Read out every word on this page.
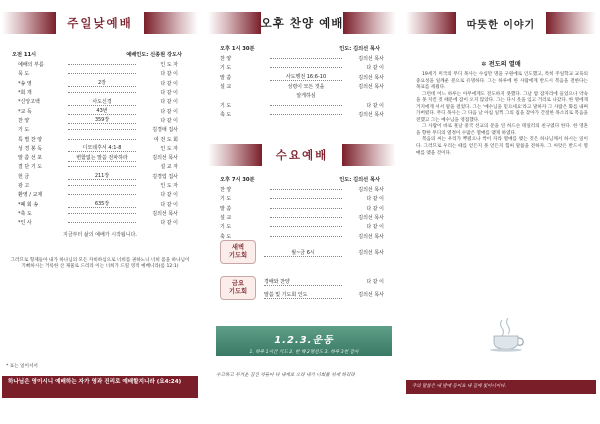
주일낮예배
오전 11시	예배인도: 신종원 강도사
예배의 부름	인 도 자
묵 도	다 같 이
*송 영	2장	다 같 이
*회 개	다 같 이
*신앙고백	사도신경	다 같 이
*교 독	43번	다 같 이
찬 양	359장	다 같 이
기 도	김경애 집사
특 별 찬 양	여 전 도 회
성 경 봉 독	디모데후서 4:1-8	인 도 자
말 씀 선 포	변함없는 말씀 전파하라	김의선 목사
결 단 기 도	설 교 자
헌 금	211장	김경업 집사
광 고	인 도 자
환영 / 교제	다 같 이
*폐 회 송	635장	다 같 이
*축 도	김의선 목사
*인 사	다 같 이
지금부터 삶의 예배가 시작됩니다.
그러므로 형제들아 내가 하나님의 모든 자비하심으로 너희를 권하노니 너희 몸을 하나님이 기뻐하시는 거룩한 산 제물로 드리라 이는 너희가 드릴 영적 예배니라(롬 12:1)
* 표는 일어서서
하나님은 영이시니 예배하는 자가 영과 진리로 예배할지니라 (요4:24)
오후 찬양 예배
오후 1시 30분	인도: 김의선 목사
찬 양	김의선 목사
기 도	다 같 이
말 씀	사도행전 16:6-10	김의선 목사
설 교	성령이 모든 것을	김의선 목사
알게하심
기 도	다 같 이
축 도	김의선 목사
수요예배
오후 7시 30분	인도: 김의선 목사
찬 양	김의선 목사
기 도	다 같 이
말 씀	다 같 이
설 교	김의선 목사
기 도	다 같 이
축 도	김의선 목사
새벽
기도회	월~금 6시	김의선 목사
금요
기도회
경배와 찬양	다 같 이
말씀 및 기도회 인도	김의선 목사
1.2.3.운동
1. 하루 1시간 기도 2. 한 해 2명전도 3. 하루 3번 감사
수고하고 무거운 짐진 자들아 다 내게로 오라 내가 너희를 쉬게 하리라
따뜻한 이야기
✲ 전도의 열매

19세기 미국의 무디 목사는 수십만 명을 구원에로 인도했고, 특히 주일학교 교육의 중요성을 일깨운 분으로 유명하다. 그는 하루에 한 사람에게 반드시 복음을 전한다는 목표를 세웠다.

그런데 어느 하루는 아무에게도 전도하지 못했다. 그날 밤 잠자리에 들었으나 약속을 못 지킨 것 때문에 잠이 오지 않았다. 그는 다시 옷을 입고 거리로 나갔다. 한 명에게 거지에게 서서 말을 걸었다. 그는 '예수님을 믿으세요'라고 말하자 그 사람은 화를 내며 가버렸다. 무디 목사는 그 다음 날 아침 일찍 그의 집을 찾아가 간절한 목소리로 복음을 전했고 그는 예수님을 영접했다.

그 사람이 바로 훗날 중국 선교의 문을 연 허드슨 테일러의 친구였다 한다. 한 영혼을 향한 무디의 열정이 수많은 열매를 맺게 하였다.

복음의 씨는 우리가 뿌렸으나 싹이 자라 열매를 맺는 것은 하나님께서 하시는 일이다. 그러므로 우리는 때를 얻든지 못 얻든지 힘써 말씀을 전하자. 그 씨앗은 반드시 열매를 맺을 것이다.

주의 말씀은 내 발에 등이요 내 길에 빛이니이다.
